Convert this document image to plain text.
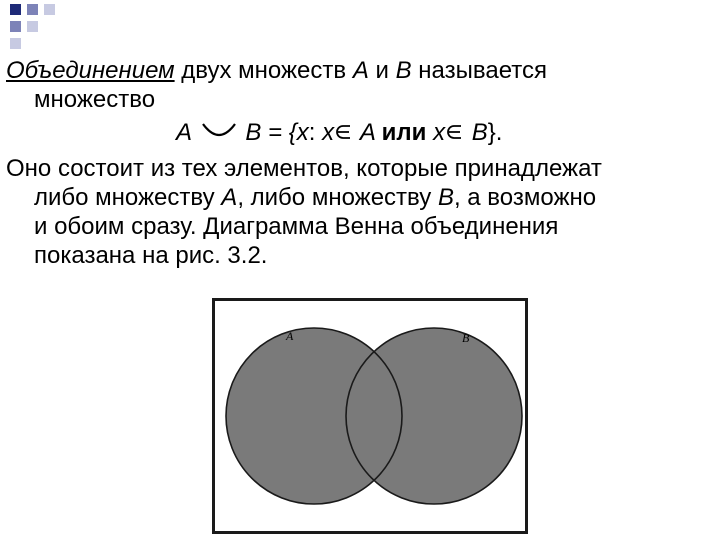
Объединением двух множеств A и B называется
множество

A B = {x: x A или x B}.

Оно состоит из тех элементов, которые принадлежат
либо множеству A, либо множеству B, а возможно
и обоим сразу. Диаграмма Венна объединения
показана на рис. 3.2.

A	B
